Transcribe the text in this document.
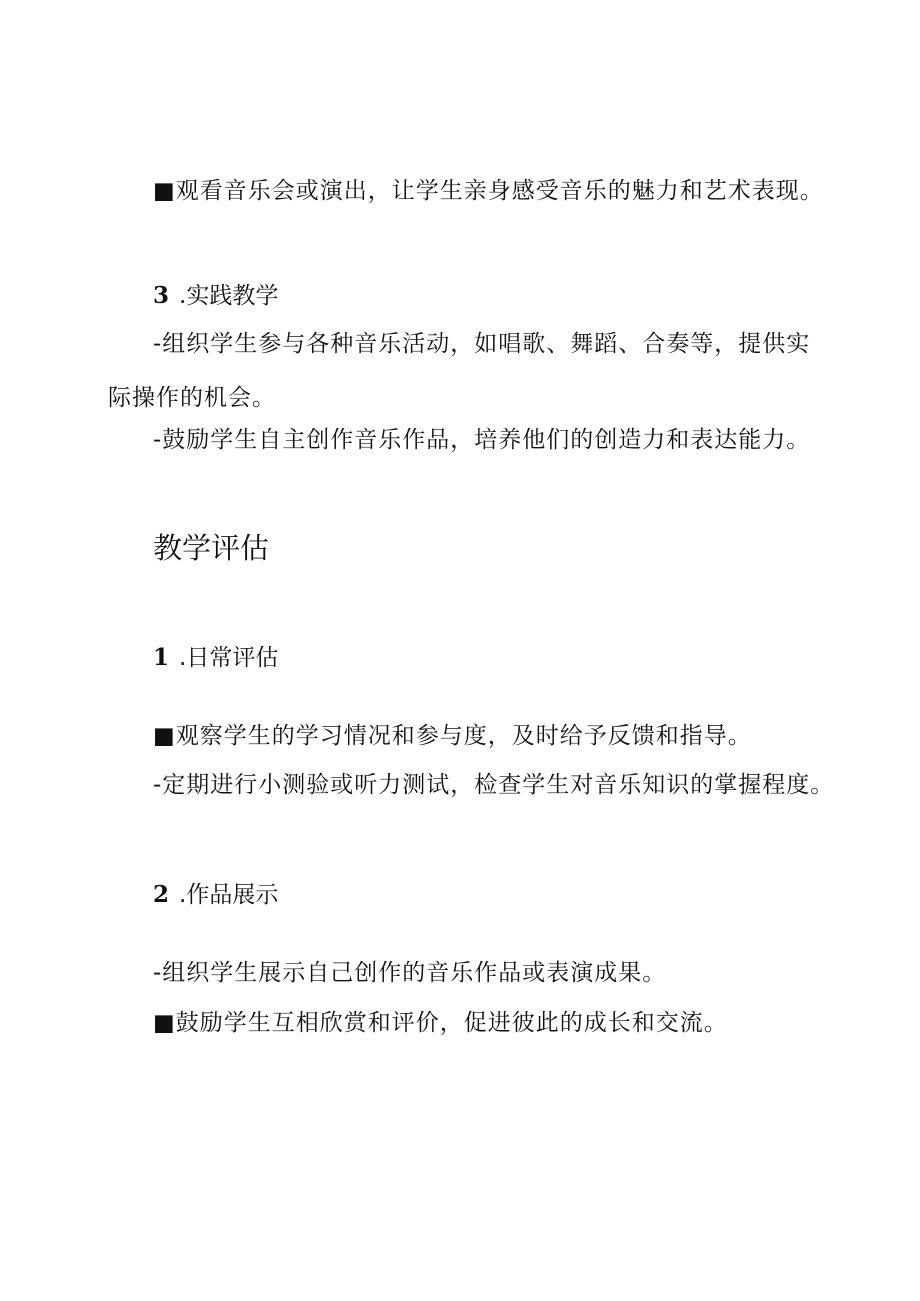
■观看音乐会或演出，让学生亲身感受音乐的魅力和艺术表现。
3 .实践教学
-组织学生参与各种音乐活动，如唱歌、舞蹈、合奏等，提供实际操作的机会。
-鼓励学生自主创作音乐作品，培养他们的创造力和表达能力。
教学评估
1 .日常评估
■观察学生的学习情况和参与度，及时给予反馈和指导。
-定期进行小测验或听力测试，检查学生对音乐知识的掌握程度。
2 .作品展示
-组织学生展示自己创作的音乐作品或表演成果。
■鼓励学生互相欣赏和评价，促进彼此的成长和交流。
